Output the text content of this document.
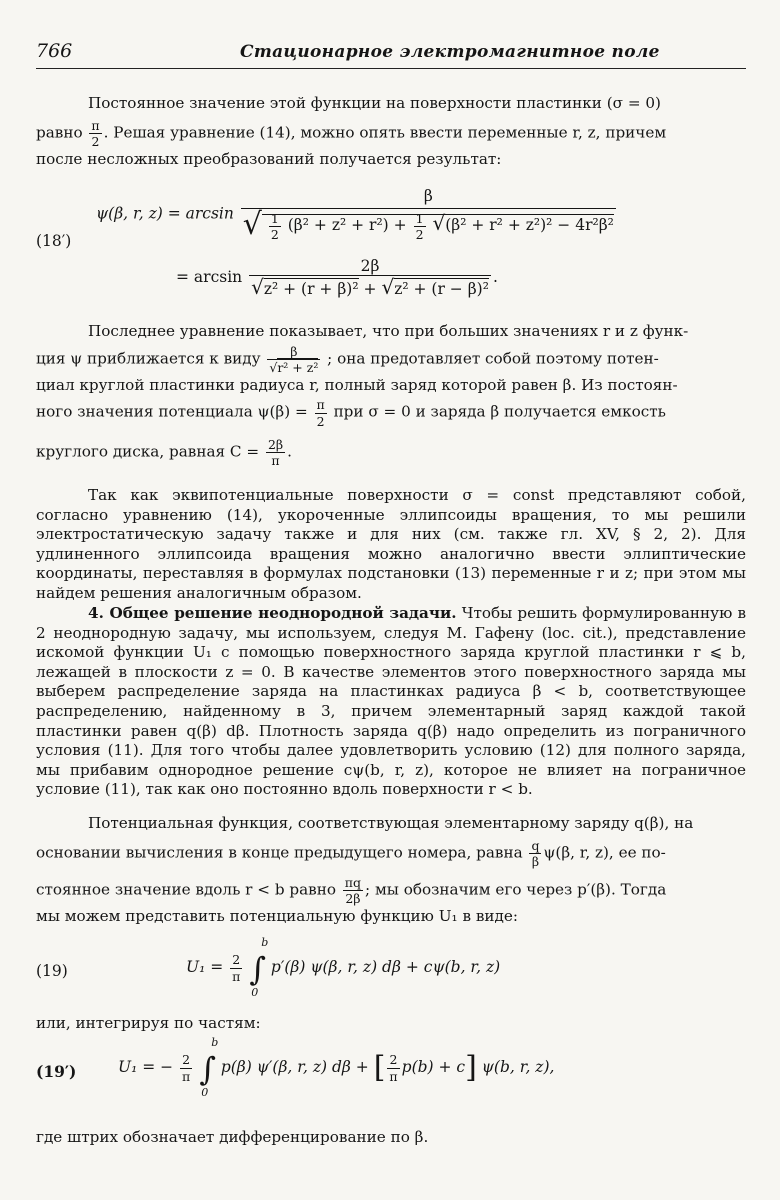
766	Стационарное электромагнитное поле

Постоянное значение этой функции на поверхности пластинки (σ = 0)

равно $\frac{\pi}{2}$ . Решая уравнение (14), можно опять ввести переменные r, z, причем

после несложных преобразований получается результат:

(18′)
ψ(β, r, z) = arcsin
β
√ $\frac{1}{2} (\beta^2 + z^2 + r^2) + \frac{1}{2} √(\beta^2 + r^2 + z^2)^2 - 4r^2\beta^2$
= $\arcsin \frac{2\beta}{\text{√z² + (r + β)² + √z² + (r − β)²}}$ .

Последнее уравнение показывает, что при больших значениях r и z функ-

ция ψ приближается к виду $\frac{\beta}{\text{√r² + z²}}$ ; она предотавляет собой поэтому потен-

циал круглой пластинки радиуса r, полный заряд которой равен β. Из постоян-

ного значения потенциала $\psi(\beta) = \frac{\pi}{2}$ при σ = 0 и заряда β получается емкость

круглого диска, равная $C = \frac{2\beta}{\pi}$ .

Так как эквипотенциальные поверхности σ = const представляют собой, согласно уравнению (14), укороченные эллипсоиды вращения, то мы решили электростатическую задачу также и для них (см. также гл. XV, § 2, 2). Для удлиненного эллипсоида вращения можно аналогично ввести эллиптические координаты, переставляя в формулах подстановки (13) переменные r и z; при этом мы найдем решения аналогичным образом.

4. Общее решение неоднородной задачи. Чтобы решить формулированную в 2 неоднородную задачу, мы используем, следуя М. Гафену (loc. cit.), представление искомой функции U₁ с помощью поверхностного заряда круглой пластинки r ⩽ b, лежащей в плоскости z = 0. В качестве элементов этого поверхностного заряда мы выберем распределение заряда на пластинках радиуса β < b, соответствующее распределению, найденному в 3, причем элементарный заряд каждой такой пластинки равен q(β) dβ. Плотность заряда q(β) надо определить из пограничного условия (11). Для того чтобы далее удовлетворить условию (12) для полного заряда, мы прибавим однородное решение cψ(b, r, z), которое не влияет на пограничное условие (11), так как оно постоянно вдоль поверхности r < b.

Потенциальная функция, соответствующая элементарному заряду q(β), на

основании вычисления в конце предыдущего номера, равна $\frac{q}{\beta} \psi(\beta$, r, z), ее по-

стоянное значение вдоль r < b равно $\frac{\pi q}{2\beta}$ ; мы обозначим его через p′(β). Тогда

мы можем представить потенциальную функцию U₁ в виде:

(19)	$U_1 = \frac{2}{\pi}$ ∫
b
0
p′(β) ψ(β, r, z) dβ + cψ(b, r, z)

или, интегрируя по частям:

(19′)	U₁ = − $\frac{2}{\pi}$ ∫
b
0
p(β) ψ′(β, r, z) dβ + [ $\frac{2}{\pi} p(b) + c$] ψ(b, r, z),

где штрих обозначает дифференцирование по β.
